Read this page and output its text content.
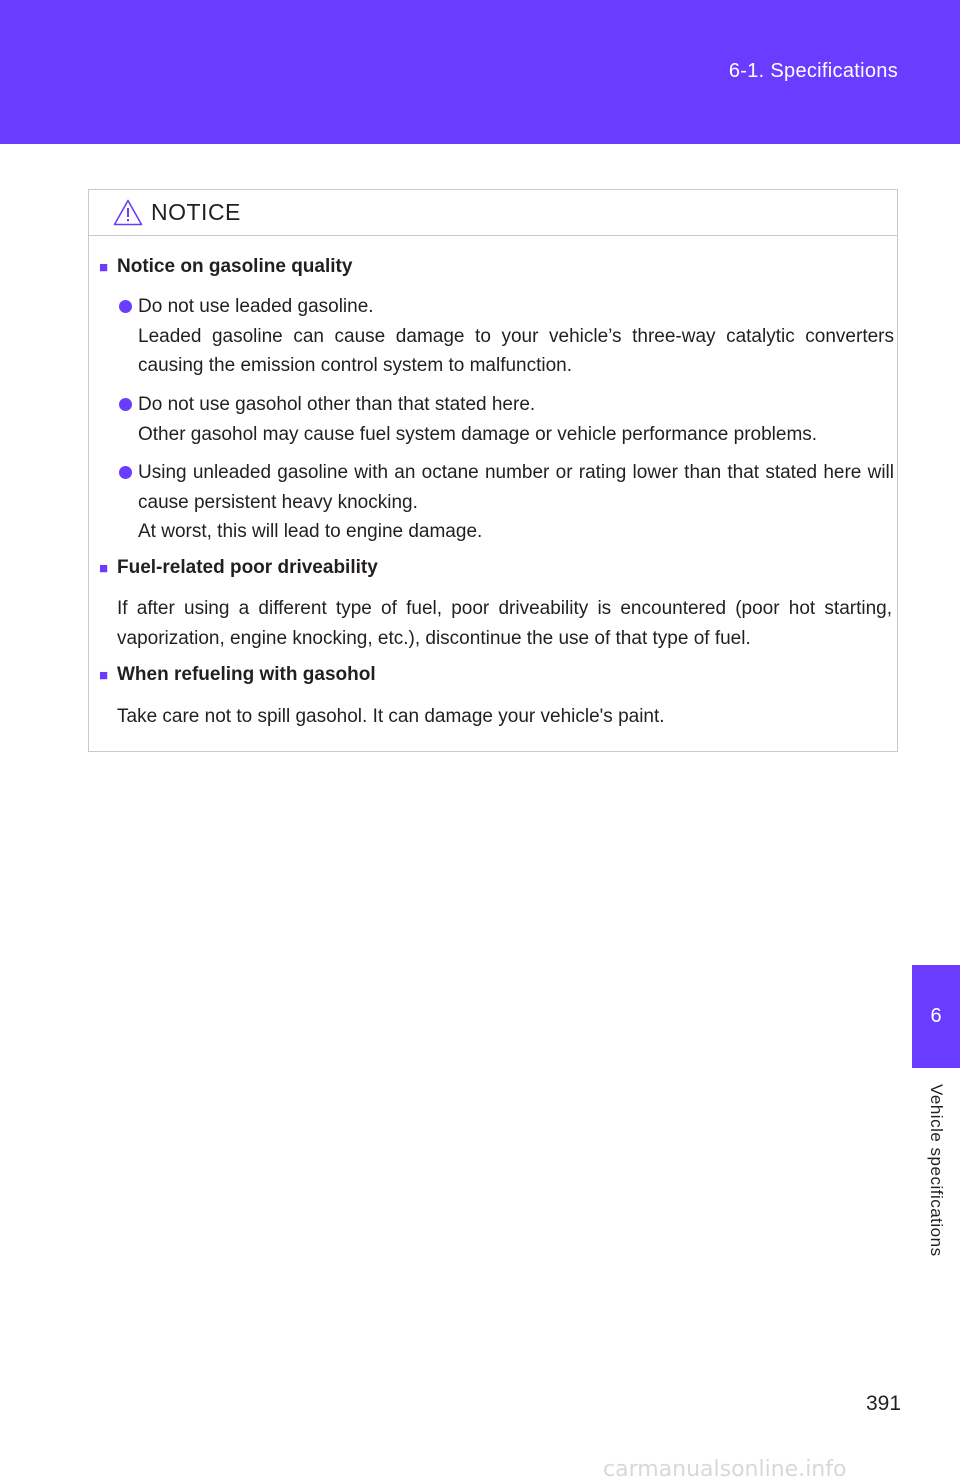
6-1. Specifications
6
Vehicle specifications
NOTICE
■ Notice on gasoline quality

Do not use leaded gasoline.

Leaded gasoline can cause damage to your vehicle’s three-way catalytic converters causing the emission control system to malfunction.

Do not use gasohol other than that stated here.

Other gasohol may cause fuel system damage or vehicle performance problems.

Using unleaded gasoline with an octane number or rating lower than that stated here will cause persistent heavy knocking.

At worst, this will lead to engine damage.

■ Fuel-related poor driveability

If after using a different type of fuel, poor driveability is encountered (poor hot starting, vaporization, engine knocking, etc.), discontinue the use of that type of fuel.

■ When refueling with gasohol

Take care not to spill gasohol. It can damage your vehicle's paint.

391
carmanualsonline.info
